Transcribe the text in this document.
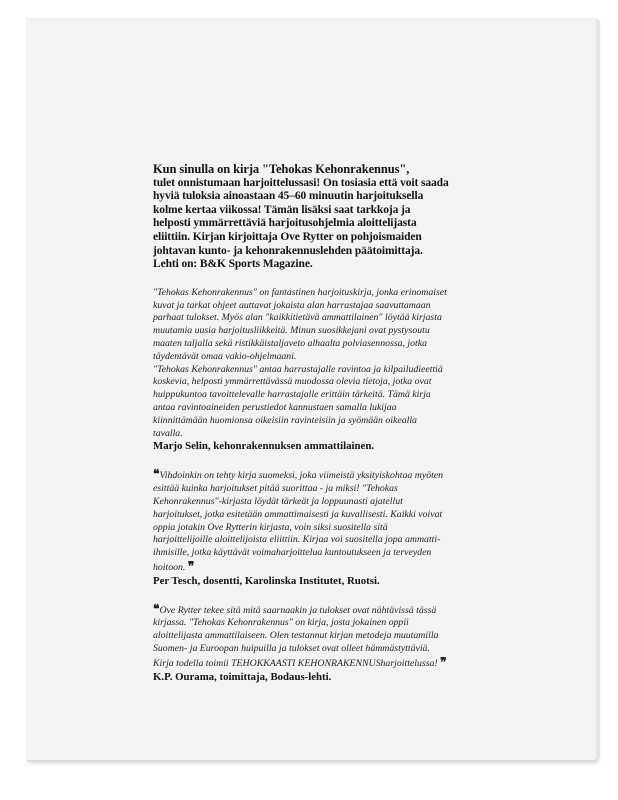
Kun sinulla on kirja "Tehokas Kehonrakennus",

tulet onnistumaan harjoittelussasi! On tosiasia että voit saada hyviä tuloksia ainoastaan 45–60 minuutin harjoituksella kolme kertaa viikossa! Tämän lisäksi saat tarkkoja ja helposti ymmärrettäviä harjoitusohjelmia aloittelijasta eliittiin. Kirjan kirjoittaja Ove Rytter on pohjoismaiden johtavan kunto- ja kehonrakennuslehden päätoimittaja. Lehti on: B&K Sports Magazine.

"Tehokas Kehonrakennus" on fantastinen harjoituskirja, jonka erinomaiset kuvat ja tarkat ohjeet auttavat jokaista alan harrastajaa saavuttamaan parhaat tulokset. Myös alan "kaikkitietävä ammattilainen" löytää kirjasta muutamia uusia harjoitusliikkeitä. Minun suosikkejani ovat pystysoutu maaten taljalla sekä ristikkäistaljaveto alhaalta polviasennossa, jotka täydentävät omaa vakio-ohjelmaani.

"Tehokas Kehonrakennus" antaa harrastajalle ravintoa ja kilpailudieettiä koskevia, helposti ymmärrettävässä muodossa olevia tietoja, jotka ovat huippukuntoa tavoittelevalle harrastajalle erittäin tärkeitä. Tämä kirja antaa ravintoaineiden perustiedot kannustaen samalla lukijaa kiinnittämään huomionsa oikeisiin ravinteisiin ja syömään oikealla tavalla.

Marjo Selin, kehonrakennuksen ammattilainen.

❝Vihdoinkin on tehty kirja suomeksi, joka viimeistä yksityiskohtaa myöten esittää kuinka harjoitukset pitää suorittaa - ja miksi! "Tehokas Kehonrakennus"-kirjasta löydät tärkeät ja loppuunasti ajatellut harjoitukset, jotka esitetään ammattimaisesti ja kuvallisesti. Kaikki voivat oppia jotakin Ove Rytterin kirjasta, voin siksi suositella sitä harjoittelijoille aloittelijoista eliittiin. Kirjaa voi suositella jopa ammatti-ihmisille, jotka käyttävät voimaharjoittelua kuntoutukseen ja terveyden hoitoon. ❞

Per Tesch, dosentti, Karolinska Institutet, Ruotsi.

❝Ove Rytter tekee sitä mitä saarnaakin ja tulokset ovat nähtävissä tässä kirjassa. "Tehokas Kehonrakennus" on kirja, josta jokainen oppii aloittelijasta ammattilaiseen. Olen testannut kirjan metodeja muutamilla Suomen- ja Euroopan huipuilla ja tulokset ovat olleet hämmästyttäviä. Kirja todella toimii TEHOKKAASTI KEHONRAKENNUSharjoittelussa! ❞

K.P. Ourama, toimittaja, Bodaus-lehti.
